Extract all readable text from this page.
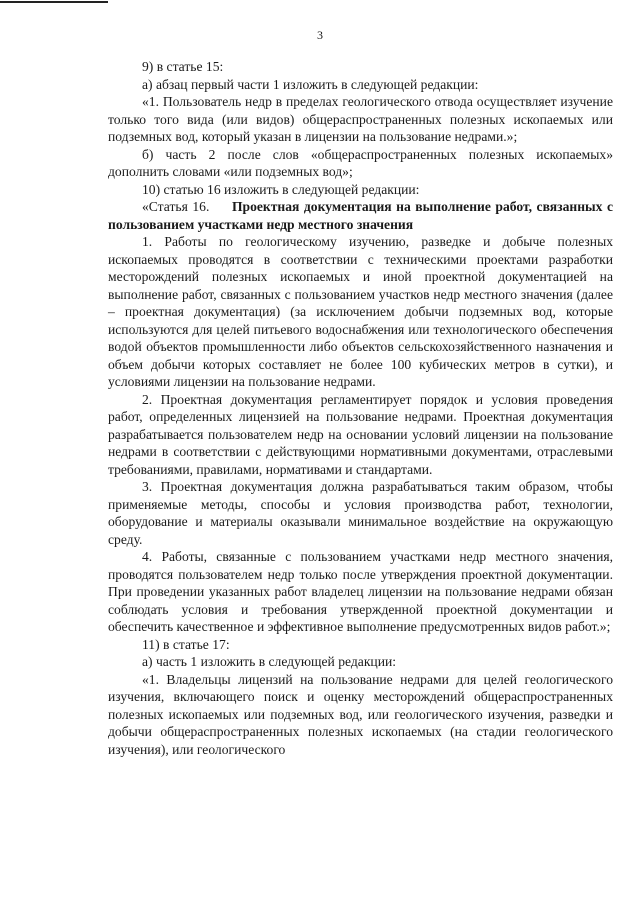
3

9) в статье 15:

а) абзац первый части 1 изложить в следующей редакции:

«1. Пользователь недр в пределах геологического отвода осуществляет изучение только того вида (или видов) общераспространенных полезных ископаемых или подземных вод, который указан в лицензии на пользование недрами.»;

б) часть 2 после слов «общераспространенных полезных ископаемых» дополнить словами «или подземных вод»;

10) статью 16 изложить в следующей редакции:

«Статья 16. Проектная документация на выполнение работ, связанных с пользованием участками недр местного значения

1. Работы по геологическому изучению, разведке и добыче полезных ископаемых проводятся в соответствии с техническими проектами разработки месторождений полезных ископаемых и иной проектной документацией на выполнение работ, связанных с пользованием участков недр местного значения (далее – проектная документация) (за исключением добычи подземных вод, которые используются для целей питьевого водоснабжения или технологического обеспечения водой объектов промышленности либо объектов сельскохозяйственного назначения и объем добычи которых составляет не более 100 кубических метров в сутки), и условиями лицензии на пользование недрами.

2. Проектная документация регламентирует порядок и условия проведения работ, определенных лицензией на пользование недрами. Проектная документация разрабатывается пользователем недр на основании условий лицензии на пользование недрами в соответствии с действующими нормативными документами, отраслевыми требованиями, правилами, нормативами и стандартами.

3. Проектная документация должна разрабатываться таким образом, чтобы применяемые методы, способы и условия производства работ, технологии, оборудование и материалы оказывали минимальное воздействие на окружающую среду.

4. Работы, связанные с пользованием участками недр местного значения, проводятся пользователем недр только после утверждения проектной документации. При проведении указанных работ владелец лицензии на пользование недрами обязан соблюдать условия и требования утвержденной проектной документации и обеспечить качественное и эффективное выполнение предусмотренных видов работ.»;

11) в статье 17:

а) часть 1 изложить в следующей редакции:

«1. Владельцы лицензий на пользование недрами для целей геологического изучения, включающего поиск и оценку месторождений общераспространенных полезных ископаемых или подземных вод, или геологического изучения, разведки и добычи общераспространенных полезных ископаемых (на стадии геологического изучения), или геологического
